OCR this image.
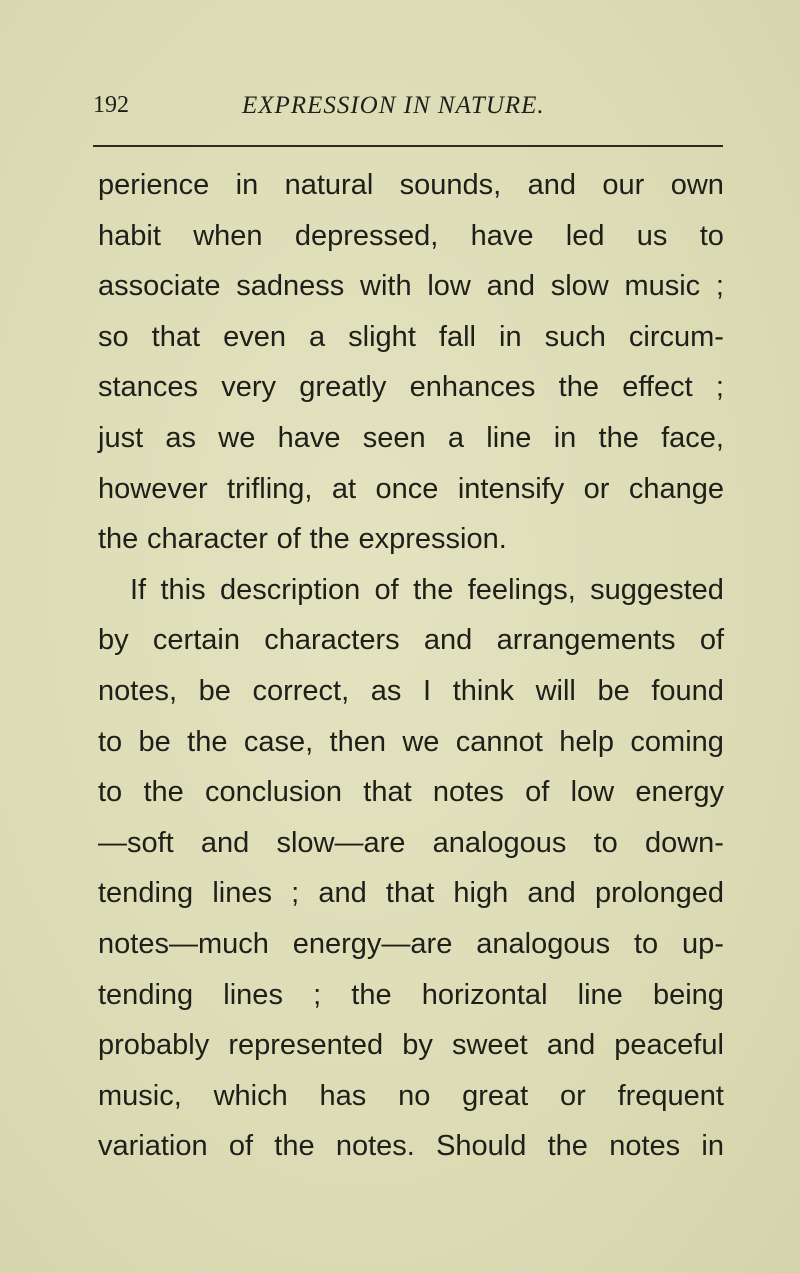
192	EXPRESSION IN NATURE.
perience in natural sounds, and our own
habit when depressed, have led us to
associate sadness with low and slow music ;
so that even a slight fall in such circum-
stances very greatly enhances the effect ;
just as we have seen a line in the face,
however trifling, at once intensify or change
the character of the expression.
If this description of the feelings, suggested
by certain characters and arrangements of
notes, be correct, as I think will be found
to be the case, then we cannot help coming
to the conclusion that notes of low energy
—soft and slow—are analogous to down-
tending lines ; and that high and prolonged
notes—much energy—are analogous to up-
tending lines ; the horizontal line being
probably represented by sweet and peaceful
music, which has no great or frequent
variation of the notes. Should the notes in
